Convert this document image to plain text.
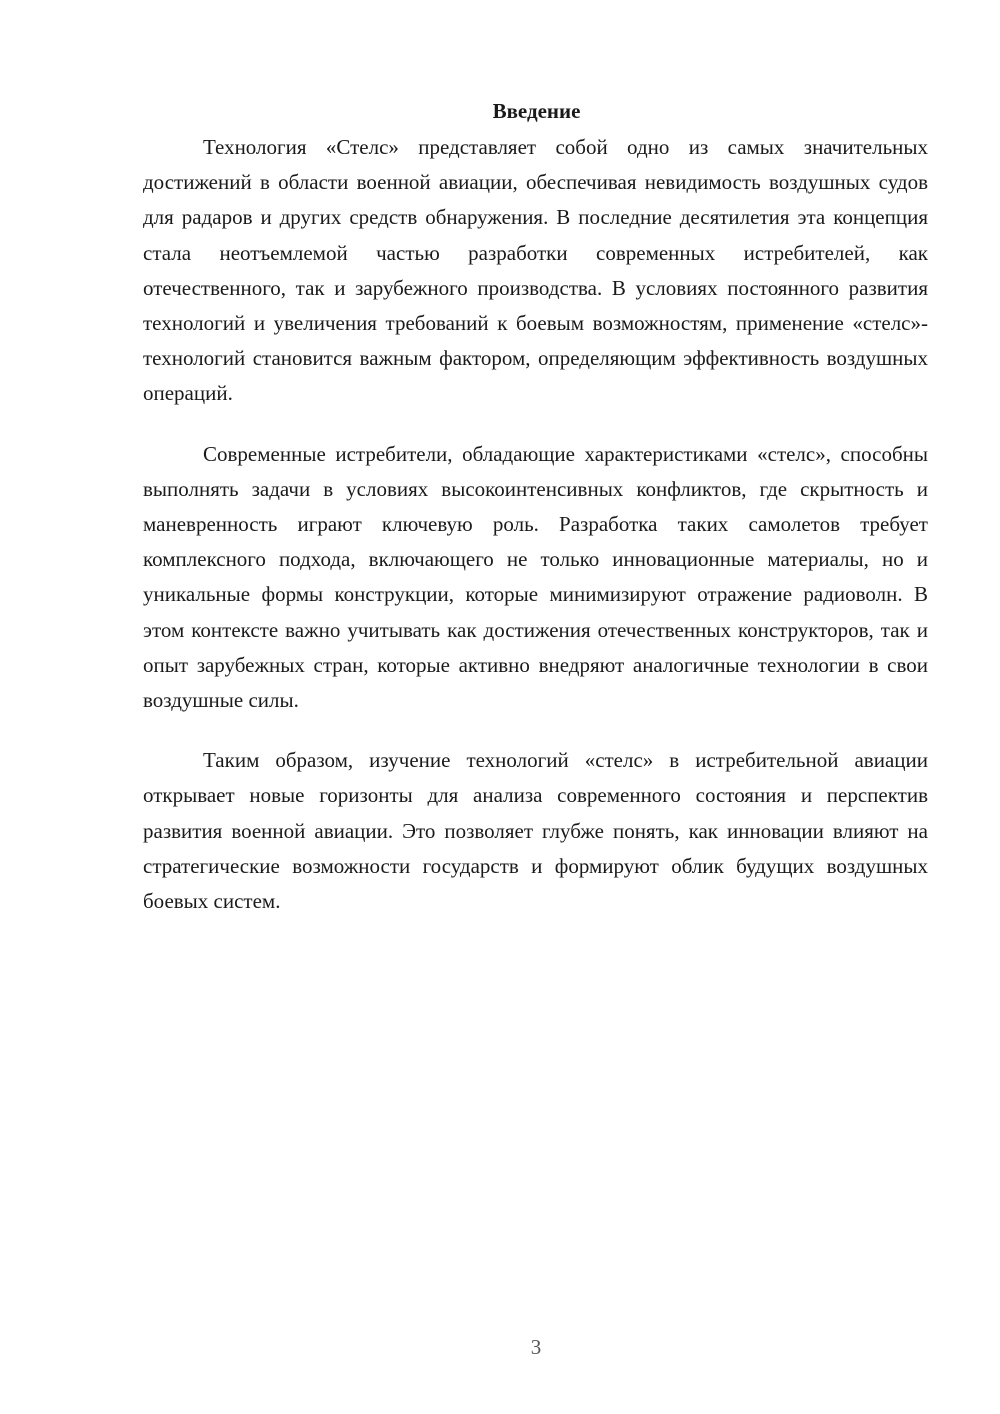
Введение

Технология «Стелс» представляет собой одно из самых значительных достижений в области военной авиации, обеспечивая невидимость воздушных судов для радаров и других средств обнаружения. В последние десятилетия эта концепция стала неотъемлемой частью разработки современных истребителей, как отечественного, так и зарубежного производства. В условиях постоянного развития технологий и увеличения требований к боевым возможностям, применение «стелс»-технологий становится важным фактором, определяющим эффективность воздушных операций.

Современные истребители, обладающие характеристиками «стелс», способны выполнять задачи в условиях высокоинтенсивных конфликтов, где скрытность и маневренность играют ключевую роль. Разработка таких самолетов требует комплексного подхода, включающего не только инновационные материалы, но и уникальные формы конструкции, которые минимизируют отражение радиоволн. В этом контексте важно учитывать как достижения отечественных конструкторов, так и опыт зарубежных стран, которые активно внедряют аналогичные технологии в свои воздушные силы.

Таким образом, изучение технологий «стелс» в истребительной авиации открывает новые горизонты для анализа современного состояния и перспектив развития военной авиации. Это позволяет глубже понять, как инновации влияют на стратегические возможности государств и формируют облик будущих воздушных боевых систем.

3
